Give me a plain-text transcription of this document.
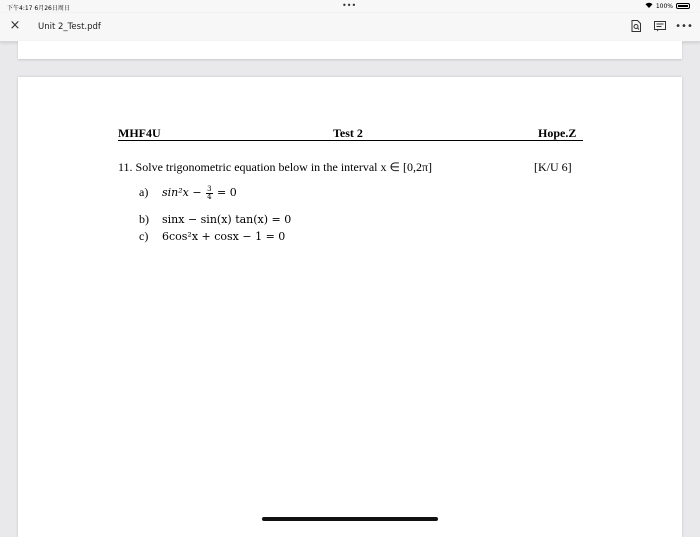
下午4:17 6月26日周日	•••	100%
× Unit 2_Test.pdf	•••
MHF4U	Test 2	Hope.Z
11. Solve trigonometric equation below in the interval x ∈ [0,2π]	[K/U 6]
a) $\sin^2x - \frac{3}{4} = 0$
b) sinx − sin(x) tan(x) = 0
c) 6cos²x + cosx − 1 = 0
